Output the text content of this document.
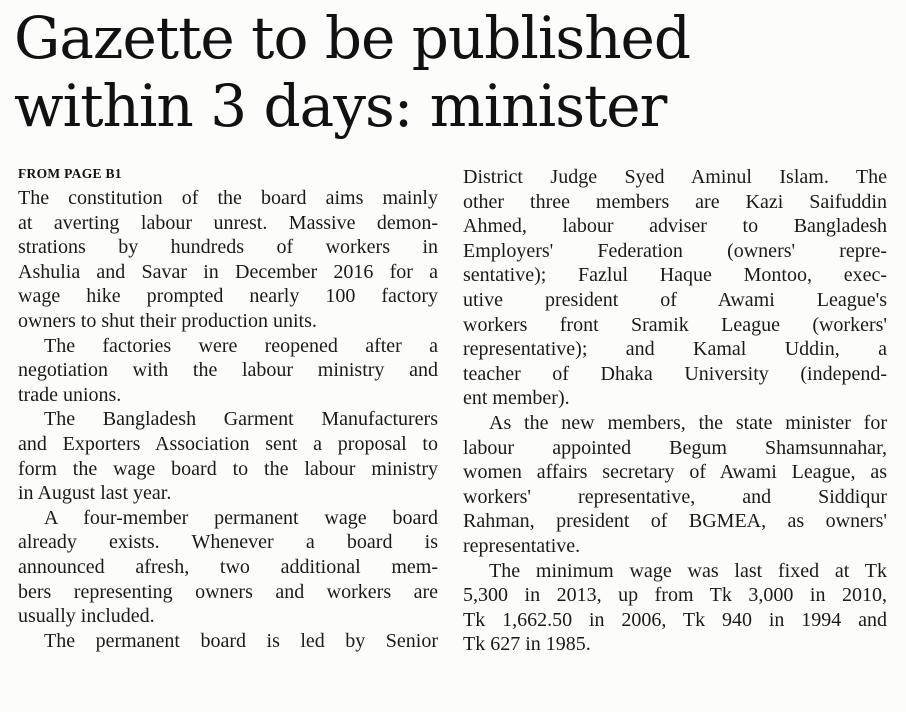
Gazette to be published
within 3 days: minister
FROM PAGE B1
The constitution of the board aims mainly
at averting labour unrest. Massive demon-
strations by hundreds of workers in
Ashulia and Savar in December 2016 for a
wage hike prompted nearly 100 factory
owners to shut their production units.
The factories were reopened after a
negotiation with the labour ministry and
trade unions.
The Bangladesh Garment Manufacturers
and Exporters Association sent a proposal to
form the wage board to the labour ministry
in August last year.
A four-member permanent wage board
already exists. Whenever a board is
announced afresh, two additional mem-
bers representing owners and workers are
usually included.
The permanent board is led by Senior
District Judge Syed Aminul Islam. The
other three members are Kazi Saifuddin
Ahmed, labour adviser to Bangladesh
Employers' Federation (owners' repre-
sentative); Fazlul Haque Montoo, exec-
utive president of Awami League's
workers front Sramik League (workers'
representative); and Kamal Uddin, a
teacher of Dhaka University (independ-
ent member).
As the new members, the state minister for
labour appointed Begum Shamsunnahar,
women affairs secretary of Awami League, as
workers' representative, and Siddiqur
Rahman, president of BGMEA, as owners'
representative.
The minimum wage was last fixed at Tk
5,300 in 2013, up from Tk 3,000 in 2010,
Tk 1,662.50 in 2006, Tk 940 in 1994 and
Tk 627 in 1985.
